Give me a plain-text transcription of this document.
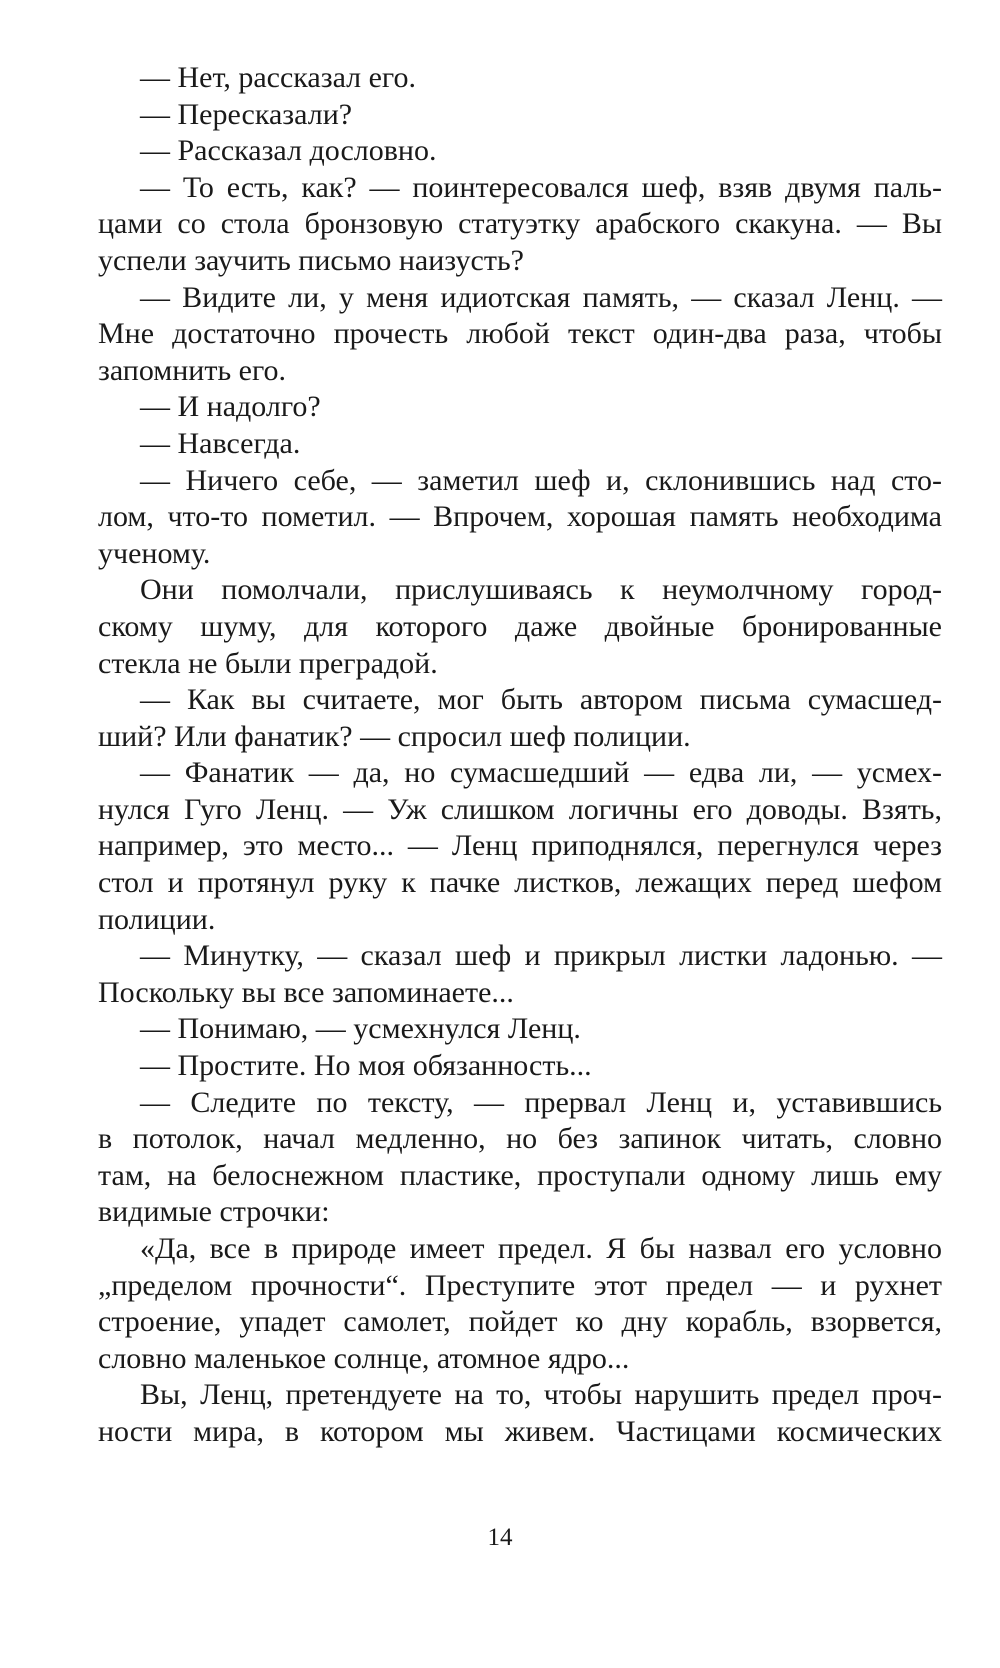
— Нет, рассказал его.
— Пересказали?
— Рассказал дословно.
— То есть, как? — поинтересовался шеф, взяв двумя паль-
цами со стола бронзовую статуэтку арабского скакуна. — Вы
успели заучить письмо наизусть?
— Видите ли, у меня идиотская память, — сказал Ленц. —
Мне достаточно прочесть любой текст один-два раза, чтобы
запомнить его.
— И надолго?
— Навсегда.
— Ничего себе, — заметил шеф и, склонившись над сто-
лом, что-то пометил. — Впрочем, хорошая память необходима
ученому.
Они помолчали, прислушиваясь к неумолчному город-
скому шуму, для которого даже двойные бронированные
стекла не были преградой.
— Как вы считаете, мог быть автором письма сумасшед-
ший? Или фанатик? — спросил шеф полиции.
— Фанатик — да, но сумасшедший — едва ли, — усмех-
нулся Гуго Ленц. — Уж слишком логичны его доводы. Взять,
например, это место... — Ленц приподнялся, перегнулся через
стол и протянул руку к пачке листков, лежащих перед шефом
полиции.
— Минутку, — сказал шеф и прикрыл листки ладонью. —
Поскольку вы все запоминаете...
— Понимаю, — усмехнулся Ленц.
— Простите. Но моя обязанность...
— Следите по тексту, — прервал Ленц и, уставившись
в потолок, начал медленно, но без запинок читать, словно
там, на белоснежном пластике, проступали одному лишь ему
видимые строчки:
«Да, все в природе имеет предел. Я бы назвал его условно
„пределом прочности“. Преступите этот предел — и рухнет
строение, упадет самолет, пойдет ко дну корабль, взорвется,
словно маленькое солнце, атомное ядро...
Вы, Ленц, претендуете на то, чтобы нарушить предел проч-
ности мира, в котором мы живем. Частицами космических
14
